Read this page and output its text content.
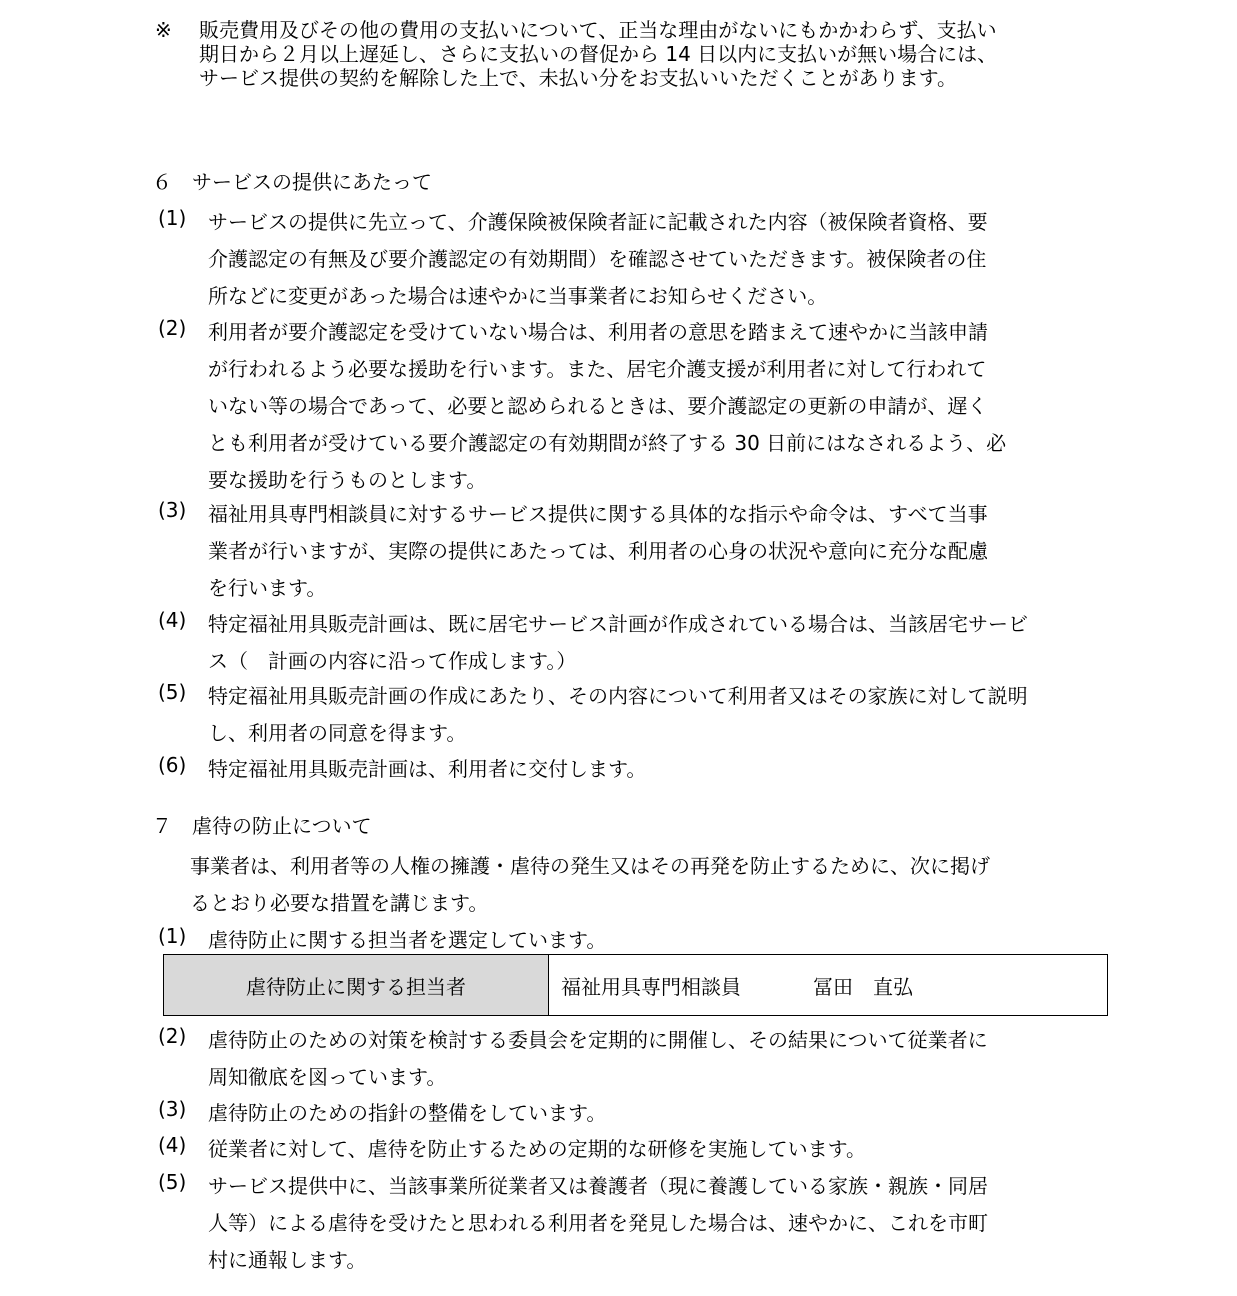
※ 販売費用及びその他の費用の支払いについて、正当な理由がないにもかかわらず、支払い
期日から２月以上遅延し、さらに支払いの督促から 14 日以内に支払いが無い場合には、
サービス提供の契約を解除した上で、未払い分をお支払いいただくことがあります。
６ サービスの提供にあたって
(1) サービスの提供に先立って、介護保険被保険者証に記載された内容（被保険者資格、要
介護認定の有無及び要介護認定の有効期間）を確認させていただきます。被保険者の住
所などに変更があった場合は速やかに当事業者にお知らせください。
(2) 利用者が要介護認定を受けていない場合は、利用者の意思を踏まえて速やかに当該申請
が行われるよう必要な援助を行います。また、居宅介護支援が利用者に対して行われて
いない等の場合であって、必要と認められるときは、要介護認定の更新の申請が、遅く
とも利用者が受けている要介護認定の有効期間が終了する 30 日前にはなされるよう、必
要な援助を行うものとします。
(3) 福祉用具専門相談員に対するサービス提供に関する具体的な指示や命令は、すべて当事
業者が行いますが、実際の提供にあたっては、利用者の心身の状況や意向に充分な配慮
を行います。
(4) 特定福祉用具販売計画は、既に居宅サービス計画が作成されている場合は、当該居宅サービ
ス（　計画の内容に沿って作成します。）
(5) 特定福祉用具販売計画の作成にあたり、その内容について利用者又はその家族に対して説明
し、利用者の同意を得ます。
(6) 特定福祉用具販売計画は、利用者に交付します。
７ 虐待の防止について
事業者は、利用者等の人権の擁護・虐待の発生又はその再発を防止するために、次に掲げ
るとおり必要な措置を講じます。
(1) 虐待防止に関する担当者を選定しています。
虐待防止に関する担当者	福祉用具専門相談員	冨田　直弘
(2) 虐待防止のための対策を検討する委員会を定期的に開催し、その結果について従業者に
周知徹底を図っています。
(3) 虐待防止のための指針の整備をしています。
(4) 従業者に対して、虐待を防止するための定期的な研修を実施しています。
(5) サービス提供中に、当該事業所従業者又は養護者（現に養護している家族・親族・同居
人等）による虐待を受けたと思われる利用者を発見した場合は、速やかに、これを市町
村に通報します。
